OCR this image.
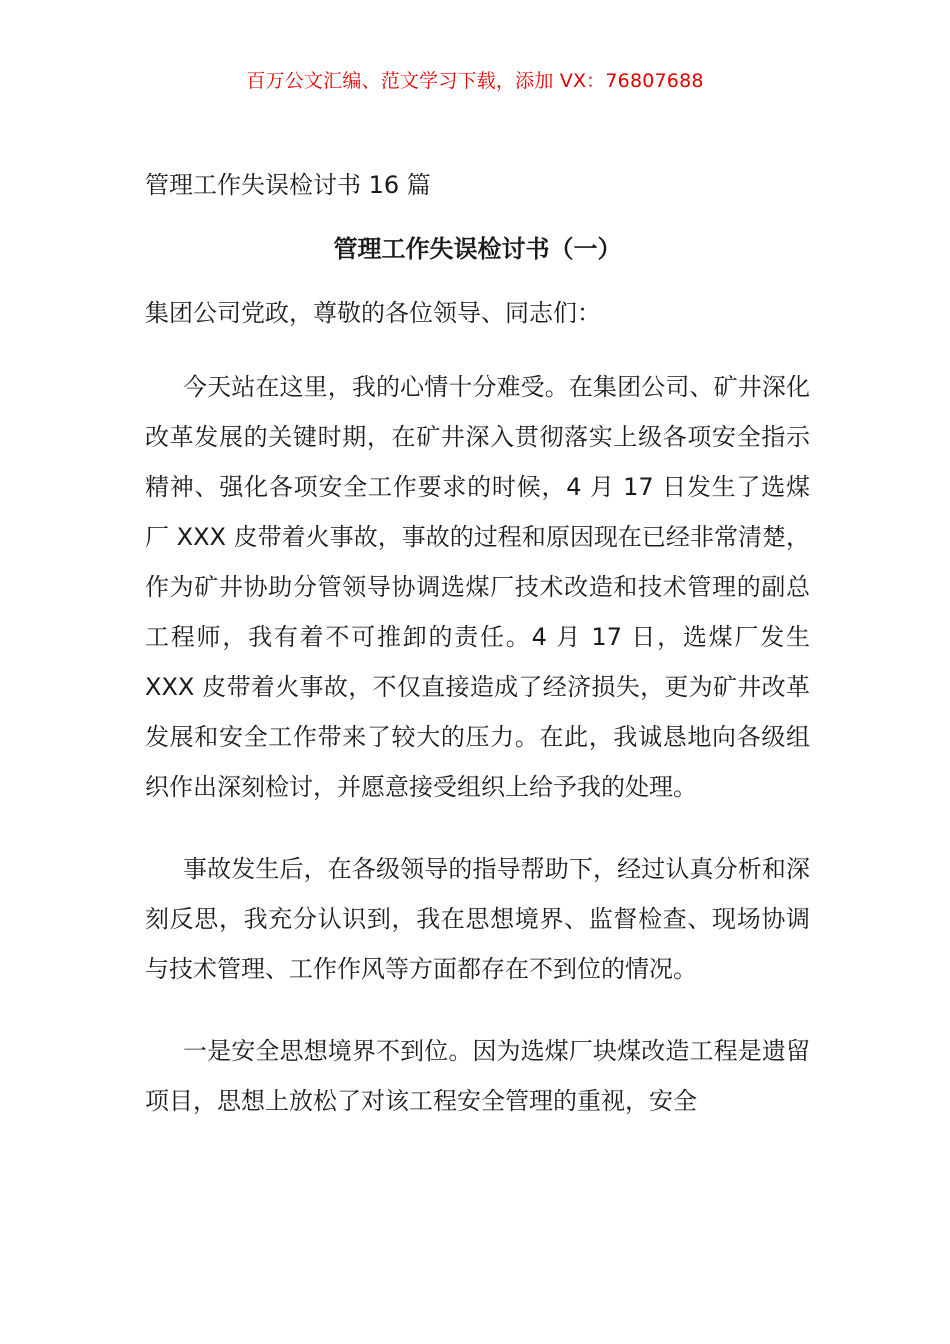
百万公文汇编、范文学习下载，添加 VX：76807688

管理工作失误检讨书 16 篇

管理工作失误检讨书（一）

集团公司党政，尊敬的各位领导、同志们：

今天站在这里，我的心情十分难受。在集团公司、矿井深化改革发展的关键时期，在矿井深入贯彻落实上级各项安全指示精神、强化各项安全工作要求的时候，4 月 17 日发生了选煤厂 XXX 皮带着火事故，事故的过程和原因现在已经非常清楚，作为矿井协助分管领导协调选煤厂技术改造和技术管理的副总工程师，我有着不可推卸的责任。4 月 17 日，选煤厂发生 XXX 皮带着火事故，不仅直接造成了经济损失，更为矿井改革发展和安全工作带来了较大的压力。在此，我诚恳地向各级组织作出深刻检讨，并愿意接受组织上给予我的处理。

事故发生后，在各级领导的指导帮助下，经过认真分析和深刻反思，我充分认识到，我在思想境界、监督检查、现场协调与技术管理、工作作风等方面都存在不到位的情况。

一是安全思想境界不到位。因为选煤厂块煤改造工程是遗留项目，思想上放松了对该工程安全管理的重视，安全
